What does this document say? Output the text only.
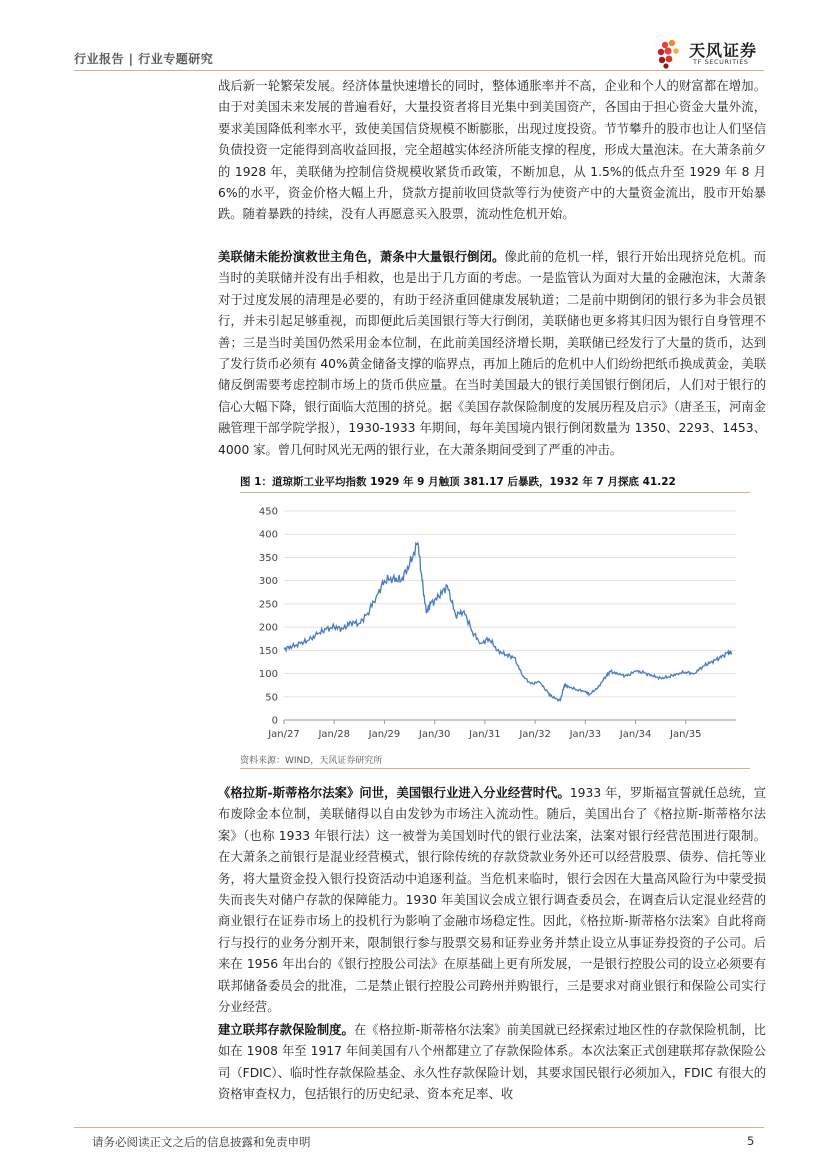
行业报告 | 行业专题研究	天风证券
TF SECURITIES

战后新一轮繁荣发展。经济体量快速增长的同时，整体通胀率并不高，企业和个人的财富都在增加。由于对美国未来发展的普遍看好，大量投资者将目光集中到美国资产，各国由于担心资金大量外流，要求美国降低利率水平，致使美国信贷规模不断膨胀，出现过度投资。节节攀升的股市也让人们坚信负债投资一定能得到高收益回报，完全超越实体经济所能支撑的程度，形成大量泡沫。在大萧条前夕的 1928 年，美联储为控制信贷规模收紧货币政策，不断加息，从 1.5%的低点升至 1929 年 8 月 6%的水平，资金价格大幅上升，贷款方提前收回贷款等行为使资产中的大量资金流出，股市开始暴跌。随着暴跌的持续，没有人再愿意买入股票，流动性危机开始。

美联储未能扮演救世主角色，萧条中大量银行倒闭。像此前的危机一样，银行开始出现挤兑危机。而当时的美联储并没有出手相救，也是出于几方面的考虑。一是监管认为面对大量的金融泡沫，大萧条对于过度发展的清理是必要的，有助于经济重回健康发展轨道；二是前中期倒闭的银行多为非会员银行，并未引起足够重视，而即便此后美国银行等大行倒闭，美联储也更多将其归因为银行自身管理不善；三是当时美国仍然采用金本位制，在此前美国经济增长期，美联储已经发行了大量的货币，达到了发行货币必须有 40%黄金储备支撑的临界点，再加上随后的危机中人们纷纷把纸币换成黄金，美联储反倒需要考虑控制市场上的货币供应量。在当时美国最大的银行美国银行倒闭后，人们对于银行的信心大幅下降，银行面临大范围的挤兑。据《美国存款保险制度的发展历程及启示》（唐圣玉，河南金融管理干部学院学报），1930-1933 年期间，每年美国境内银行倒闭数量为 1350、2293、1453、4000 家。曾几何时风光无两的银行业，在大萧条期间受到了严重的冲击。

图 1：道琼斯工业平均指数 1929 年 9 月触顶 381.17 后暴跌，1932 年 7 月探底 41.22
0
50
100
150
200
250
300
350
400
450
Jan/27 Jan/28 Jan/29 Jan/30 Jan/31 Jan/32 Jan/33 Jan/34 Jan/35
资料来源：WIND，天风证券研究所

《格拉斯-斯蒂格尔法案》问世，美国银行业进入分业经营时代。1933 年，罗斯福宣誓就任总统，宣布废除金本位制，美联储得以自由发钞为市场注入流动性。随后，美国出台了《格拉斯-斯蒂格尔法案》（也称 1933 年银行法）这一被誉为美国划时代的银行业法案，法案对银行经营范围进行限制。在大萧条之前银行是混业经营模式，银行除传统的存款贷款业务外还可以经营股票、债券、信托等业务，将大量资金投入银行投资活动中追逐利益。当危机来临时，银行会因在大量高风险行为中蒙受损失而丧失对储户存款的保障能力。1930 年美国议会成立银行调查委员会，在调查后认定混业经营的商业银行在证券市场上的投机行为影响了金融市场稳定性。因此，《格拉斯-斯蒂格尔法案》自此将商行与投行的业务分割开来，限制银行参与股票交易和证券业务并禁止设立从事证券投资的子公司。后来在 1956 年出台的《银行控股公司法》在原基础上更有所发展，一是银行控股公司的设立必须要有联邦储备委员会的批准，二是禁止银行控股公司跨州并购银行，三是要求对商业银行和保险公司实行分业经营。

建立联邦存款保险制度。在《格拉斯-斯蒂格尔法案》前美国就已经探索过地区性的存款保险机制，比如在 1908 年至 1917 年间美国有八个州都建立了存款保险体系。本次法案正式创建联邦存款保险公司（FDIC）、临时性存款保险基金、永久性存款保险计划，其要求国民银行必须加入，FDIC 有很大的资格审查权力，包括银行的历史纪录、资本充足率、收

请务必阅读正文之后的信息披露和免责申明	5
